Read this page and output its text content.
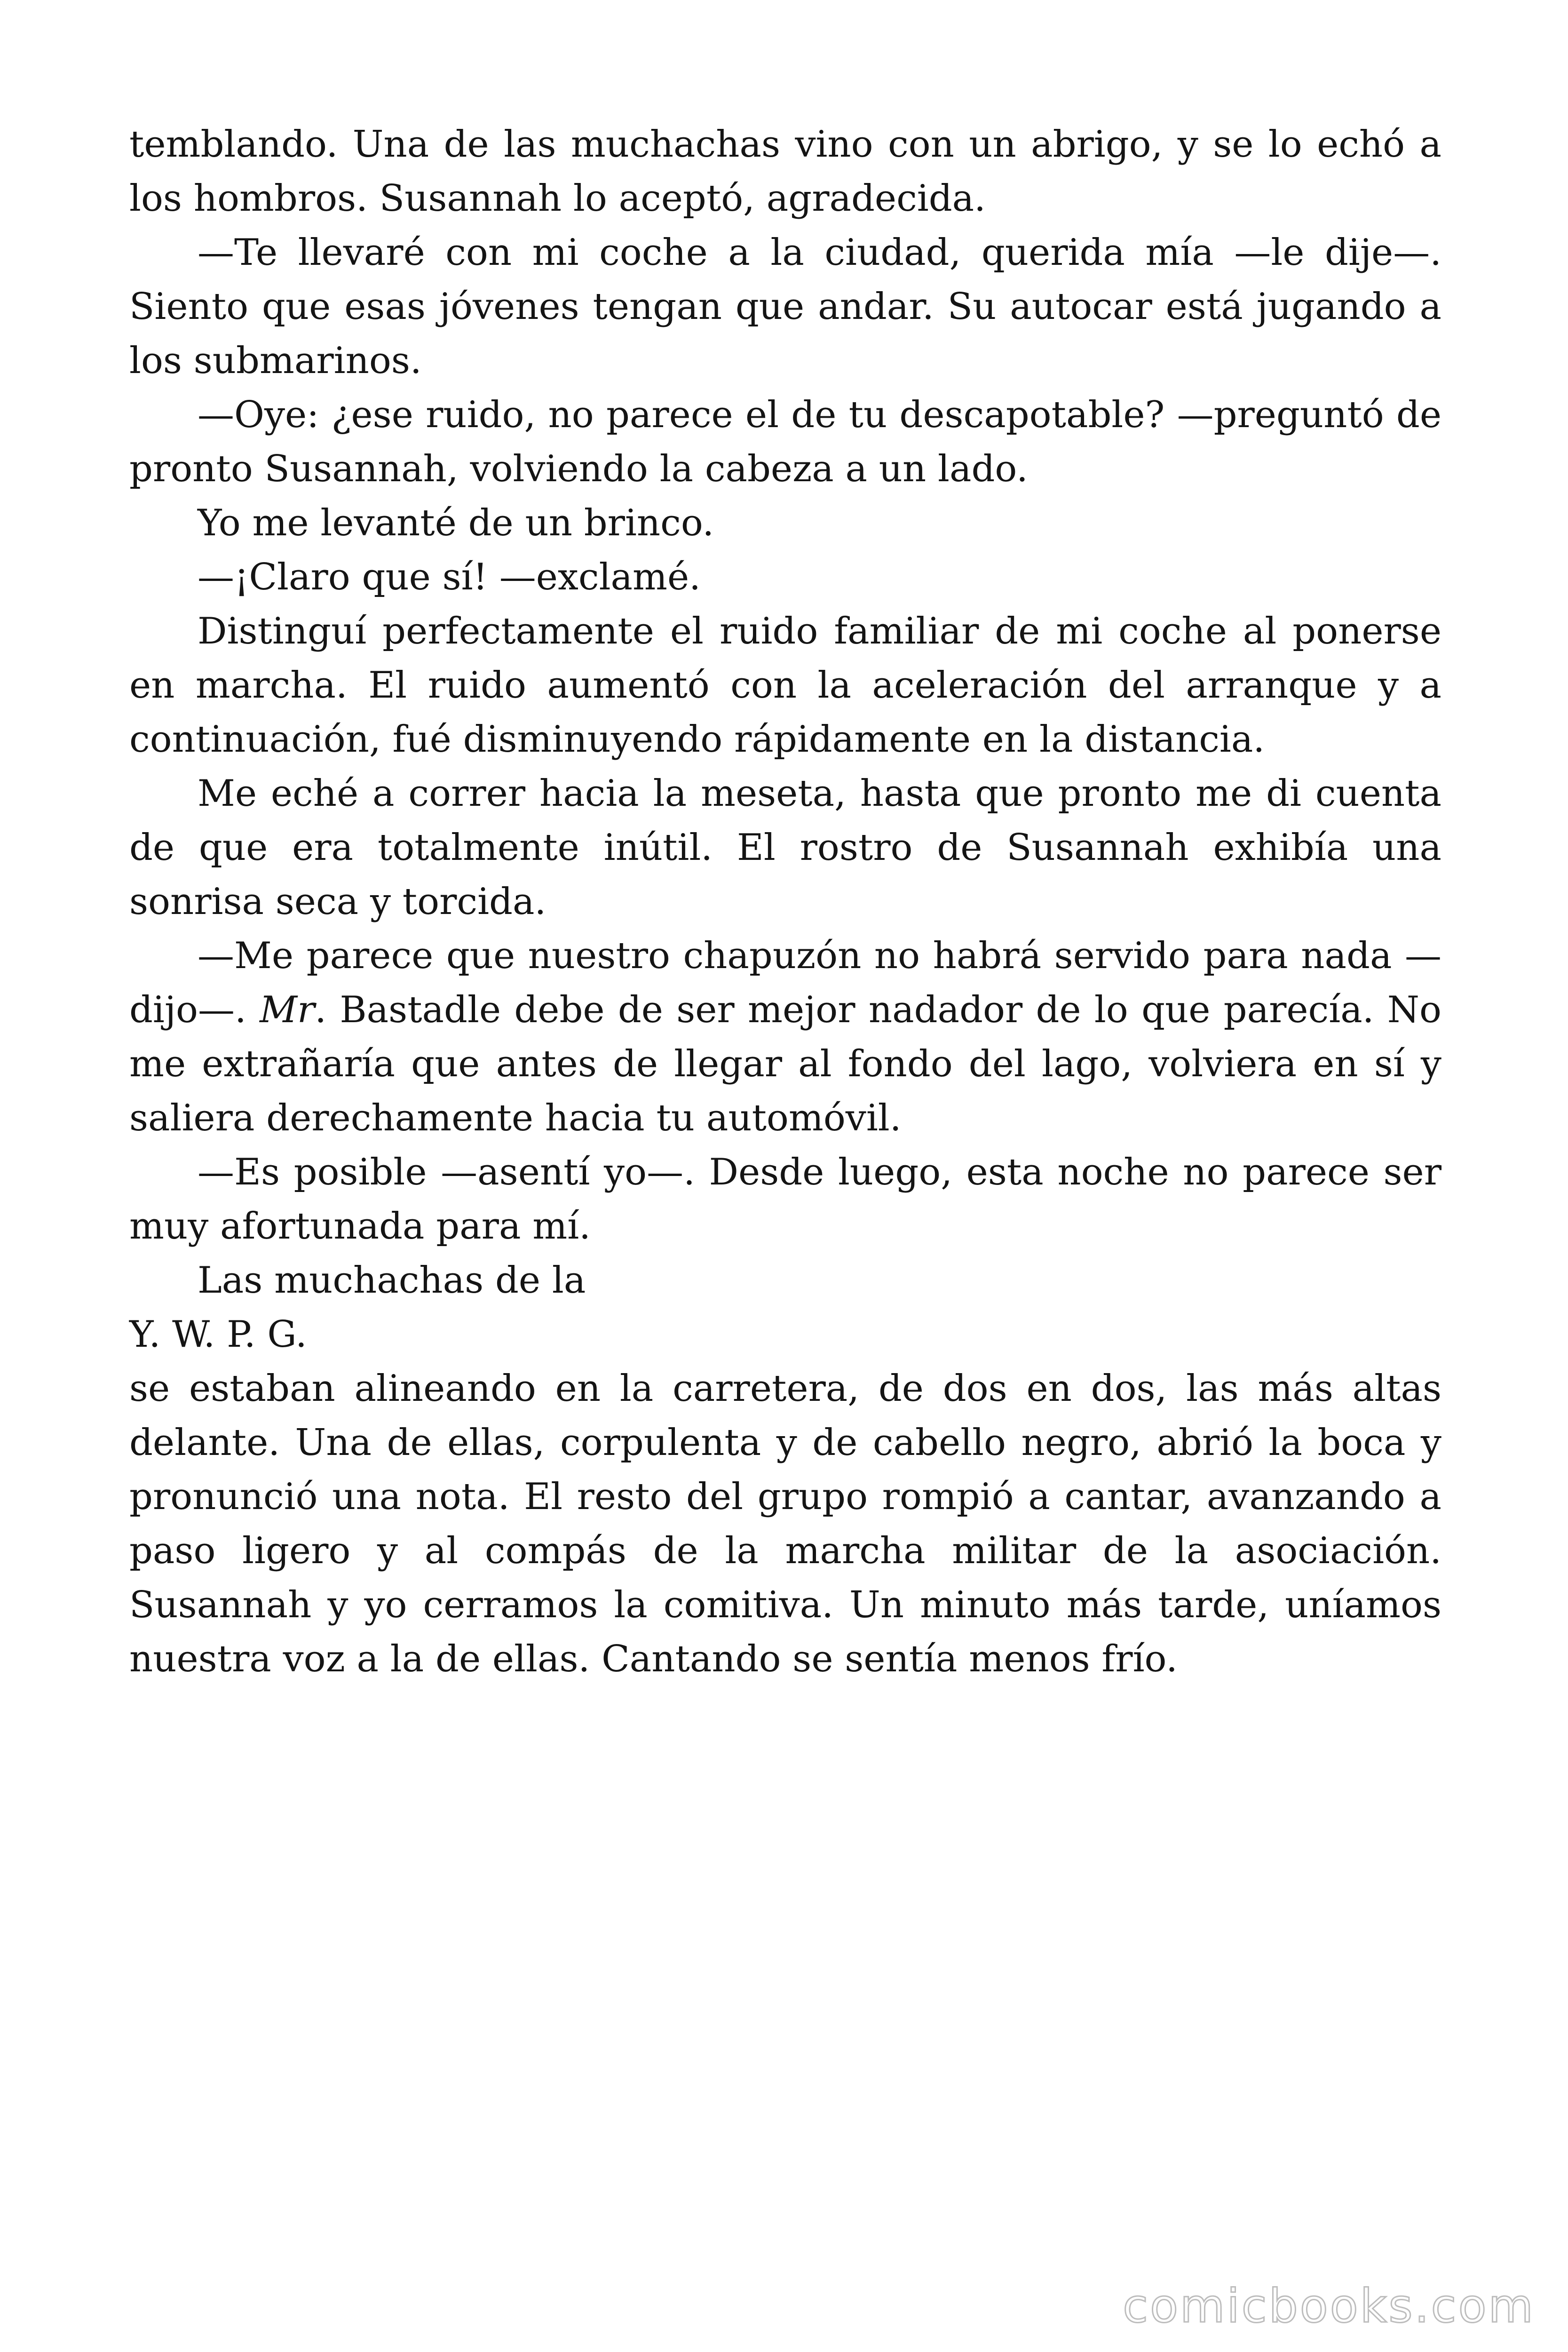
temblando. Una de las muchachas vino con un abrigo, y se lo echó a los hombros. Susannah lo aceptó, agradecida.

—Te llevaré con mi coche a la ciudad, querida mía —le dije—. Siento que esas jóvenes tengan que andar. Su autocar está jugando a los submarinos.

—Oye: ¿ese ruido, no parece el de tu descapotable? —preguntó de pronto Susannah, volviendo la cabeza a un lado.

Yo me levanté de un brinco.

—¡Claro que sí! —exclamé.

Distinguí perfectamente el ruido familiar de mi coche al ponerse en marcha. El ruido aumentó con la aceleración del arranque y a continuación, fué disminuyendo rápidamente en la distancia.

Me eché a correr hacia la meseta, hasta que pronto me di cuenta de que era totalmente inútil. El rostro de Susannah exhibía una sonrisa seca y torcida.

—Me parece que nuestro chapuzón no habrá servido para nada —dijo—. Mr. Bastadle debe de ser mejor nadador de lo que parecía. No me extrañaría que antes de llegar al fondo del lago, volviera en sí y saliera derechamente hacia tu automóvil.

—Es posible —asentí yo—. Desde luego, esta noche no parece ser muy afortunada para mí.

Las muchachas de la

Y. W. P. G.

se estaban alineando en la carretera, de dos en dos, las más altas delante. Una de ellas, corpulenta y de cabello negro, abrió la boca y pronunció una nota. El resto del grupo rompió a cantar, avanzando a paso ligero y al compás de la marcha militar de la asociación. Susannah y yo cerramos la comitiva. Un minuto más tarde, uníamos nuestra voz a la de ellas. Cantando se sentía menos frío.

comicbooks.com
